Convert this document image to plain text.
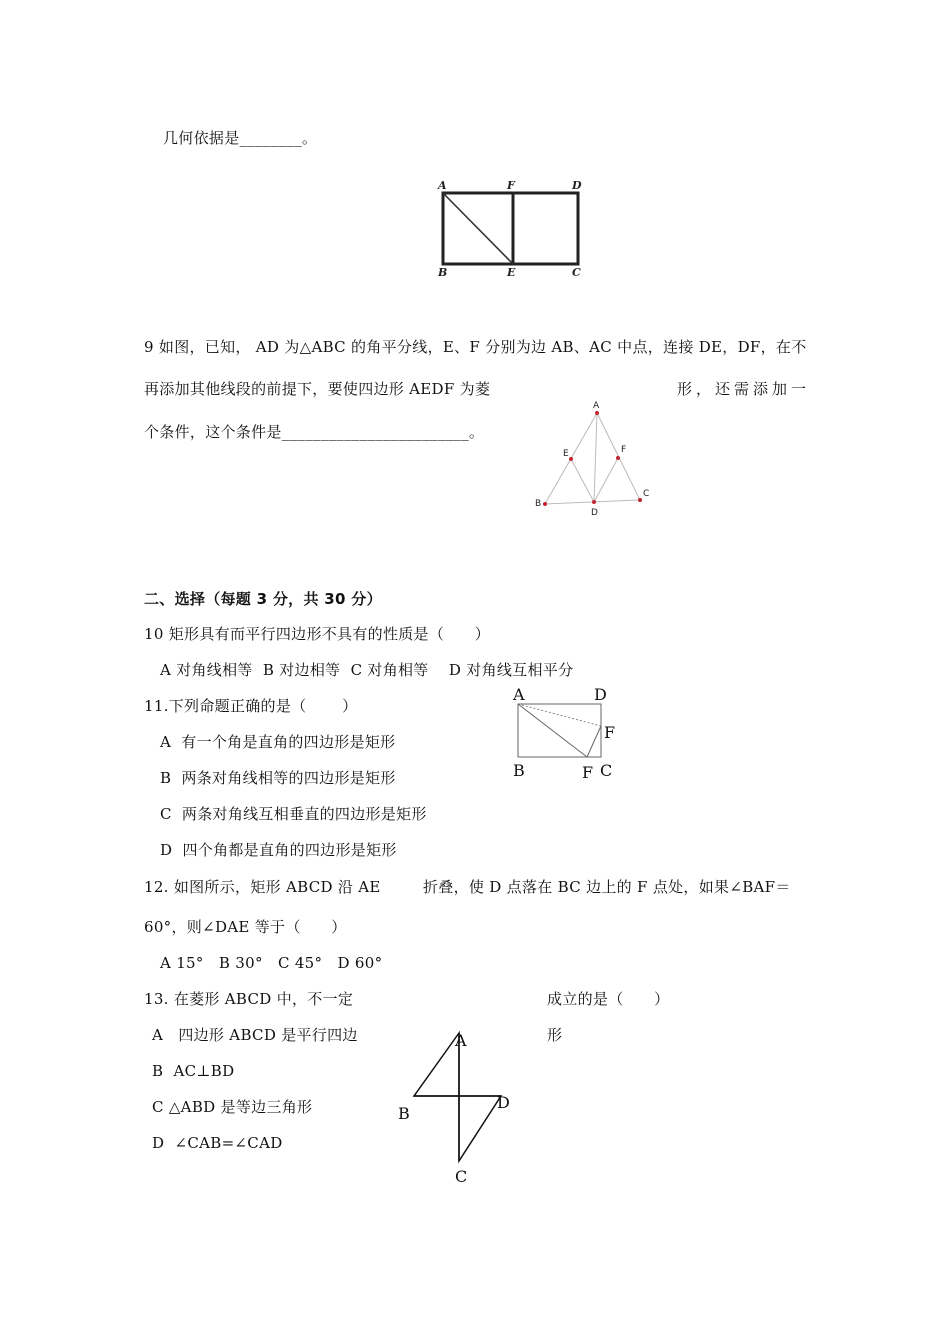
几何依据是________。
A	F	D
B	E	C
9 如图，已知， AD 为△ABC 的角平分线，E、F 分别为边 AB、AC 中点，连接 DE，DF，在不
再添加其他线段的前提下，要使四边形 AEDF 为菱	形，还需添加一
个条件，这个条件是________________________。
A
E	F
B
D
C
二、选择（每题 3 分，共 30 分）
10 矩形具有而平行四边形不具有的性质是（　　）
A 对角线相等  B 对边相等  C 对角相等    D 对角线互相平分
11.下列命题正确的是（　　 ）
A  有一个角是直角的四边形是矩形
B  两条对角线相等的四边形是矩形
C  两条对角线互相垂直的四边形是矩形
D  四个角都是直角的四边形是矩形
A	D
F
B	F C
12. 如图所示，矩形 ABCD 沿 AE	折叠，使 D 点落在 BC 边上的 F 点处，如果∠BAF＝
60°，则∠DAE 等于（　　）
A 15°   B 30°   C 45°   D 60°
13. 在菱形 ABCD 中，不一定	成立的是（　　）
A   四边形 ABCD 是平行四边	形
B  AC⊥BD
C △ABD 是等边三角形
D  ∠CAB=∠CAD
A
B
D
C
